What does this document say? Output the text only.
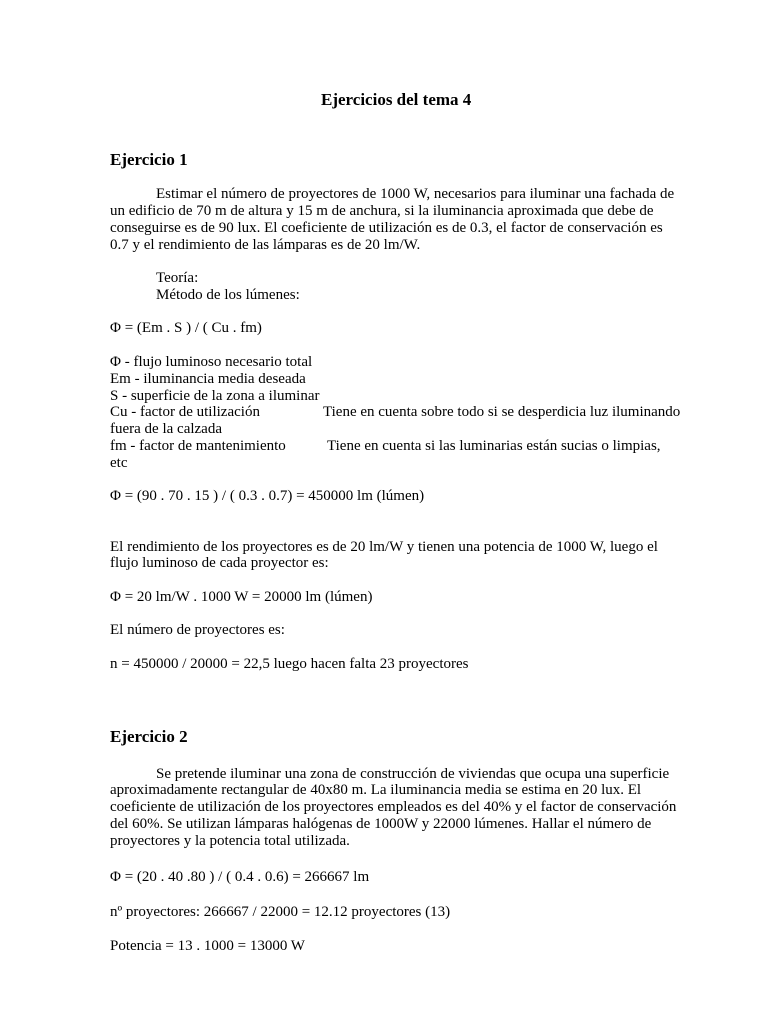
Ejercicios del tema 4
Ejercicio 1
Estimar el número de proyectores de 1000 W, necesarios para iluminar una fachada de
un edificio de 70 m de altura y 15 m de anchura, si la iluminancia aproximada que debe de
conseguirse es de 90 lux. El coeficiente de utilización es de 0.3, el factor de conservación es
0.7 y el rendimiento de las lámparas es de 20 lm/W.
Teoría:
Método de los lúmenes:
Φ = (Em . S ) / ( Cu . fm)
Φ - flujo luminoso necesario total
Em - iluminancia media deseada
S - superficie de la zona a iluminar
Cu - factor de utilización	Tiene en cuenta sobre todo si se desperdicia luz iluminando
fuera de la calzada
fm - factor de mantenimiento	Tiene en cuenta si las luminarias están sucias o limpias,
etc
Φ = (90 . 70 . 15 ) / ( 0.3 . 0.7) = 450000 lm (lúmen)
El rendimiento de los proyectores es de 20 lm/W y tienen una potencia de 1000 W, luego el
flujo luminoso de cada proyector es:
Φ = 20 lm/W . 1000 W = 20000 lm (lúmen)
El número de proyectores es:
n = 450000 / 20000 = 22,5 luego hacen falta 23 proyectores
Ejercicio 2
Se pretende iluminar una zona de construcción de viviendas que ocupa una superficie
aproximadamente rectangular de 40x80 m. La iluminancia media se estima en 20 lux. El
coeficiente de utilización de los proyectores empleados es del 40% y el factor de conservación
del 60%. Se utilizan lámparas halógenas de 1000W y 22000 lúmenes. Hallar el número de
proyectores y la potencia total utilizada.
Φ = (20 . 40 .80 ) / ( 0.4 . 0.6) = 266667 lm
nº proyectores: 266667 / 22000 = 12.12 proyectores (13)
Potencia = 13 . 1000 = 13000 W
